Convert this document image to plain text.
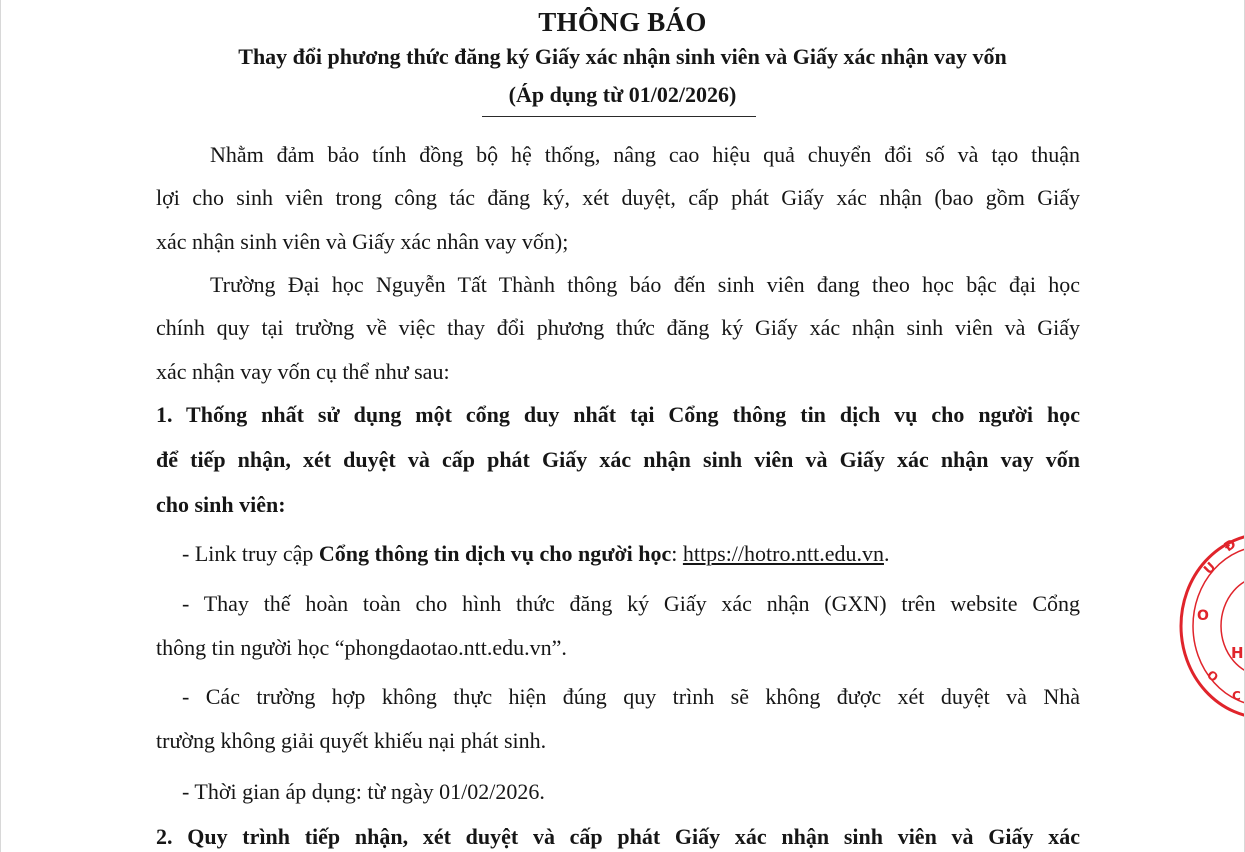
THÔNG BÁO
Thay đổi phương thức đăng ký Giấy xác nhận sinh viên và Giấy xác nhận vay vốn
(Áp dụng từ 01/02/2026)
Nhằm đảm bảo tính đồng bộ hệ thống, nâng cao hiệu quả chuyển đổi số và tạo thuận
lợi cho sinh viên trong công tác đăng ký, xét duyệt, cấp phát Giấy xác nhận (bao gồm Giấy
xác nhận sinh viên và Giấy xác nhân vay vốn);
Trường Đại học Nguyễn Tất Thành thông báo đến sinh viên đang theo học bậc đại học
chính quy tại trường về việc thay đổi phương thức đăng ký Giấy xác nhận sinh viên và Giấy
xác nhận vay vốn cụ thể như sau:
1. Thống nhất sử dụng một cổng duy nhất tại Cổng thông tin dịch vụ cho người học
để tiếp nhận, xét duyệt và cấp phát Giấy xác nhận sinh viên và Giấy xác nhận vay vốn
cho sinh viên:
- Link truy cập Cổng thông tin dịch vụ cho người học: https://hotro.ntt.edu.vn.
- Thay thế hoàn toàn cho hình thức đăng ký Giấy xác nhận (GXN) trên website Cổng
thông tin người học “phongdaotao.ntt.edu.vn”.
- Các trường hợp không thực hiện đúng quy trình sẽ không được xét duyệt và Nhà
trường không giải quyết khiếu nại phát sinh.
- Thời gian áp dụng: từ ngày 01/02/2026.
2. Quy trình tiếp nhận, xét duyệt và cấp phát Giấy xác nhận sinh viên và Giấy xác
Đ
U
O
H
O
C
